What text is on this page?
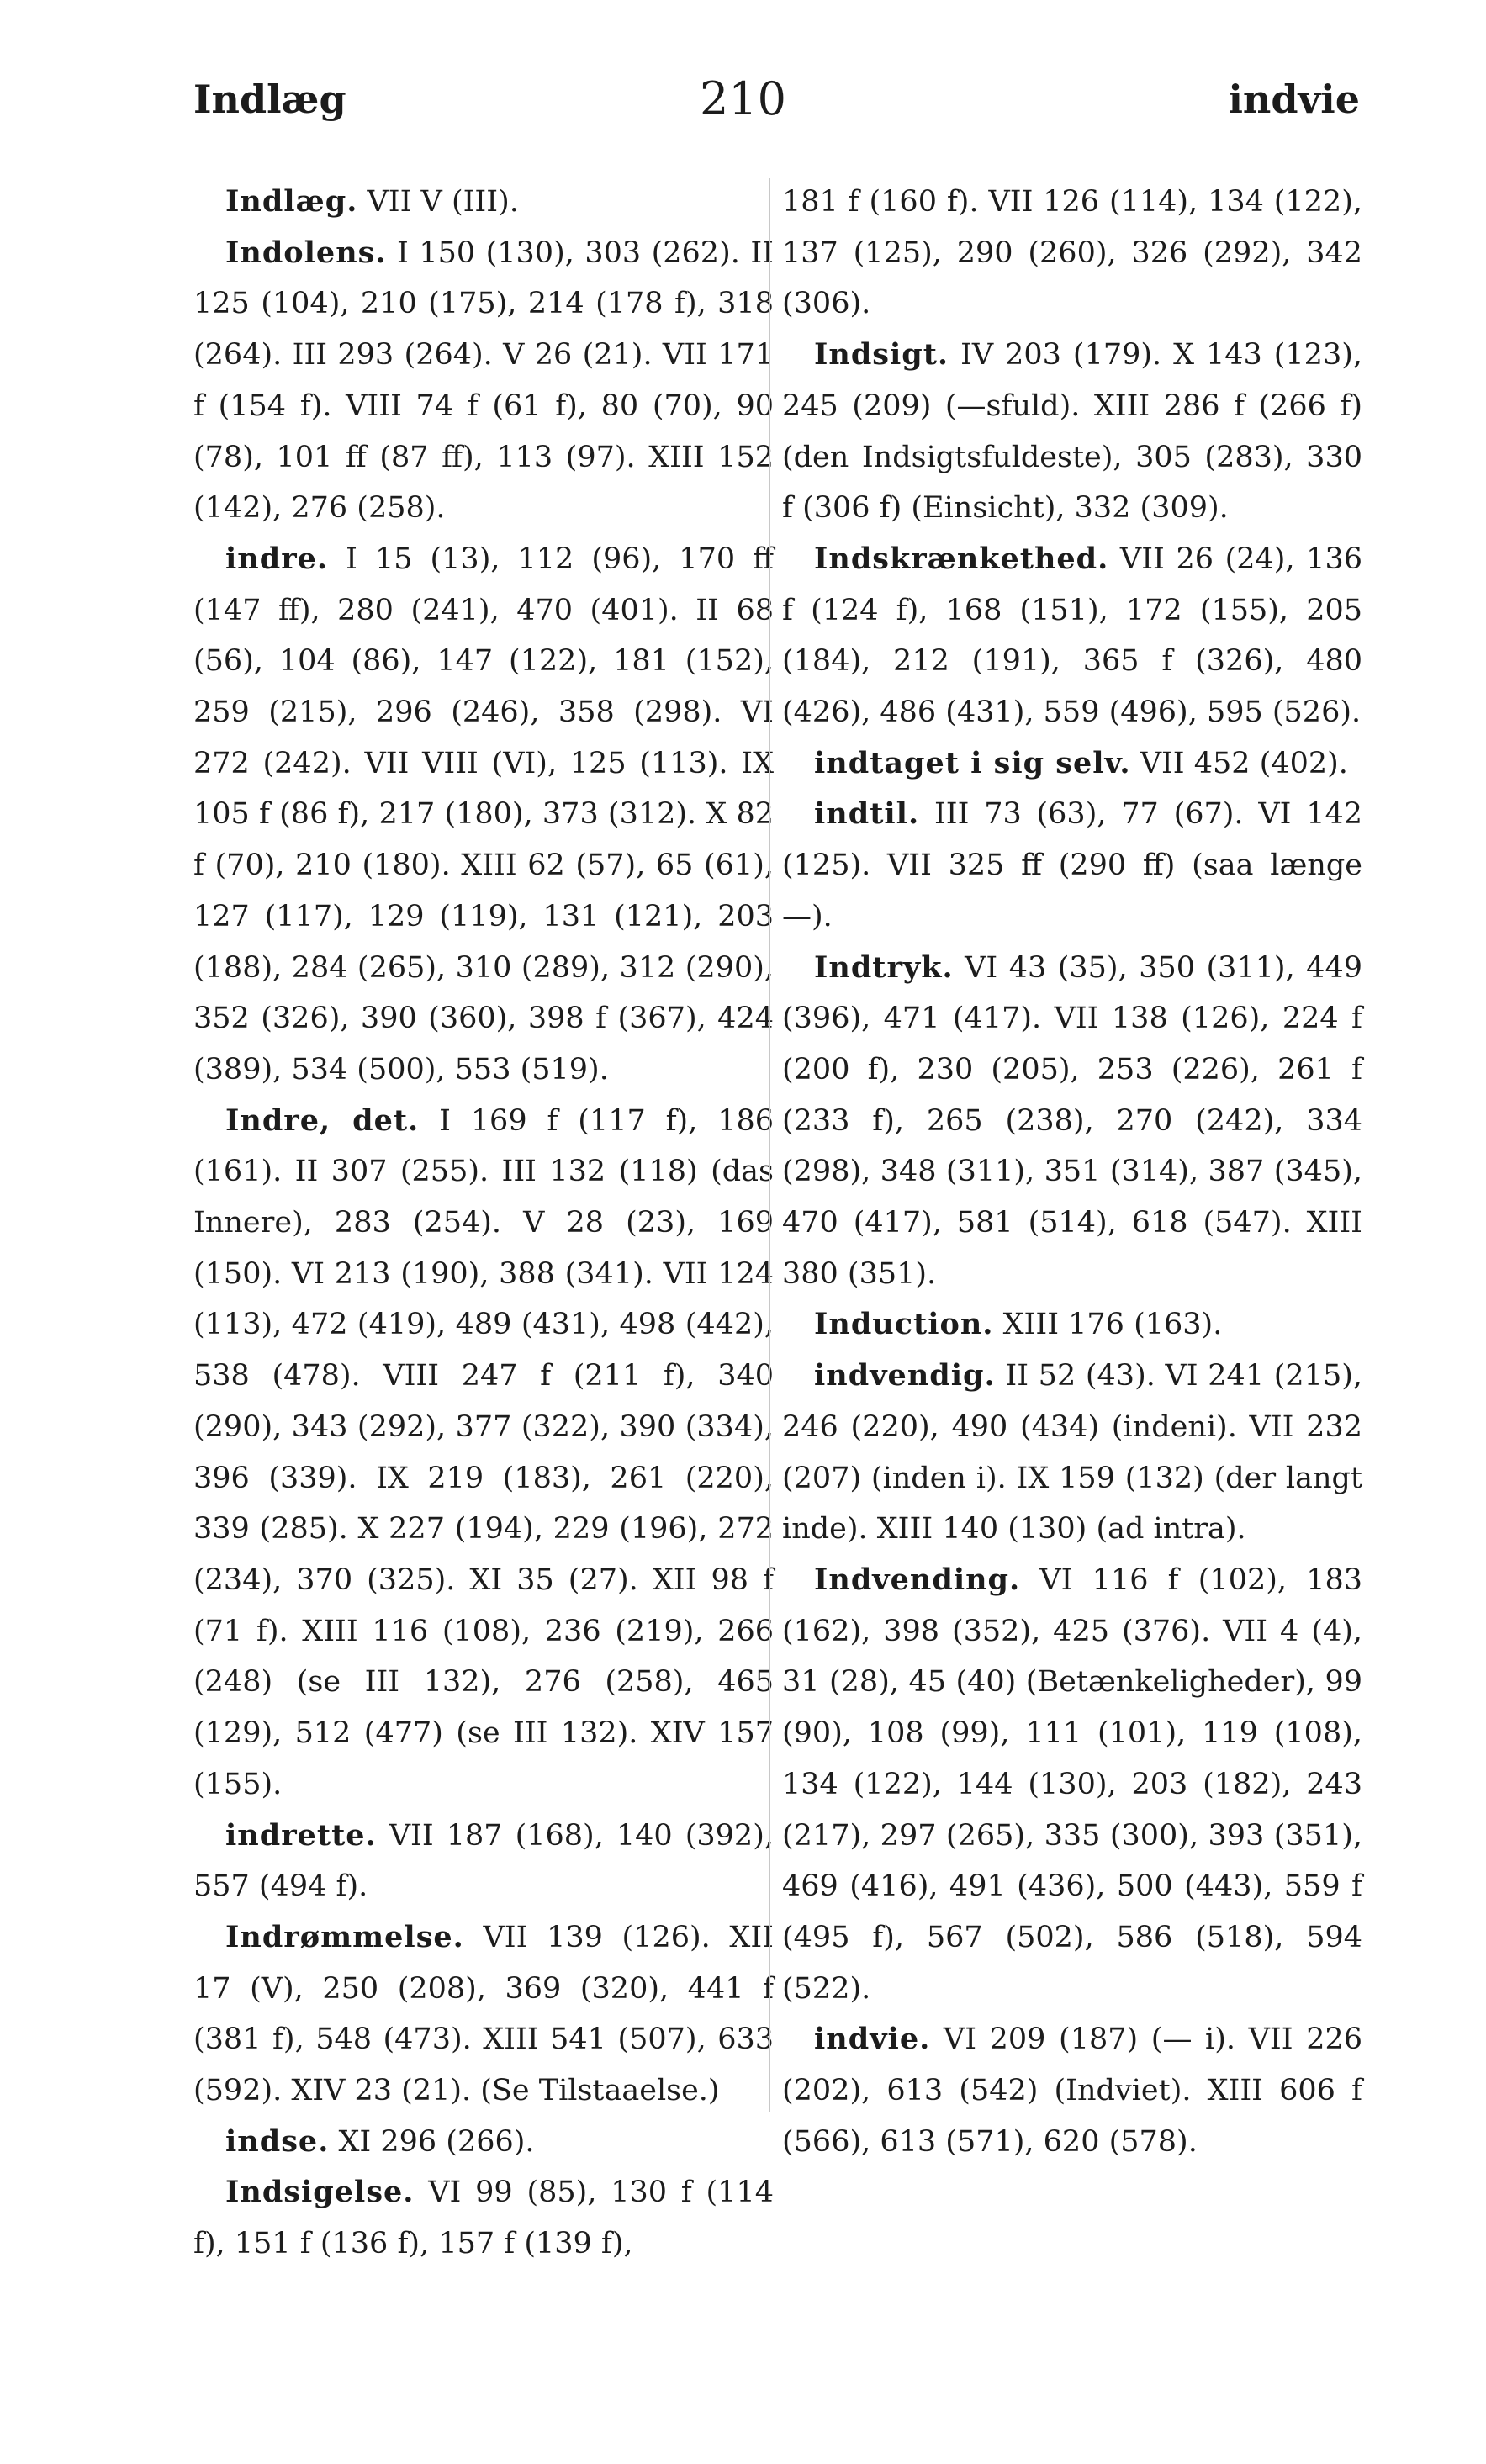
210
Indlæg	indvie

Indlæg. VII V (III).

Indolens. I 150 (130), 303 (262). II 125 (104), 210 (175), 214 (178 f), 318 (264). III 293 (264). V 26 (21). VII 171 f (154 f). VIII 74 f (61 f), 80 (70), 90 (78), 101 ff (87 ff), 113 (97). XIII 152 (142), 276 (258).

indre. I 15 (13), 112 (96), 170 ff (147 ff), 280 (241), 470 (401). II 68 (56), 104 (86), 147 (122), 181 (152), 259 (215), 296 (246), 358 (298). VI 272 (242). VII VIII (VI), 125 (113). IX 105 f (86 f), 217 (180), 373 (312). X 82 f (70), 210 (180). XIII 62 (57), 65 (61), 127 (117), 129 (119), 131 (121), 203 (188), 284 (265), 310 (289), 312 (290), 352 (326), 390 (360), 398 f (367), 424 (389), 534 (500), 553 (519).

Indre, det. I 169 f (117 f), 186 (161). II 307 (255). III 132 (118) (das Innere), 283 (254). V 28 (23), 169 (150). VI 213 (190), 388 (341). VII 124 (113), 472 (419), 489 (431), 498 (442), 538 (478). VIII 247 f (211 f), 340 (290), 343 (292), 377 (322), 390 (334), 396 (339). IX 219 (183), 261 (220), 339 (285). X 227 (194), 229 (196), 272 (234), 370 (325). XI 35 (27). XII 98 f (71 f). XIII 116 (108), 236 (219), 266 (248) (se III 132), 276 (258), 465 (129), 512 (477) (se III 132). XIV 157 (155).

indrette. VII 187 (168), 140 (392), 557 (494 f).

Indrømmelse. VII 139 (126). XII 17 (V), 250 (208), 369 (320), 441 f (381 f), 548 (473). XIII 541 (507), 633 (592). XIV 23 (21). (Se Tilstaaelse.)

indse. XI 296 (266).

Indsigelse. VI 99 (85), 130 f (114 f), 151 f (136 f), 157 f (139 f),

181 f (160 f). VII 126 (114), 134 (122), 137 (125), 290 (260), 326 (292), 342 (306).

Indsigt. IV 203 (179). X 143 (123), 245 (209) (—sfuld). XIII 286 f (266 f) (den Indsigtsfuldeste), 305 (283), 330 f (306 f) (Einsicht), 332 (309).

Indskrænkethed. VII 26 (24), 136 f (124 f), 168 (151), 172 (155), 205 (184), 212 (191), 365 f (326), 480 (426), 486 (431), 559 (496), 595 (526).

indtaget i sig selv. VII 452 (402).

indtil. III 73 (63), 77 (67). VI 142 (125). VII 325 ff (290 ff) (saa længe —).

Indtryk. VI 43 (35), 350 (311), 449 (396), 471 (417). VII 138 (126), 224 f (200 f), 230 (205), 253 (226), 261 f (233 f), 265 (238), 270 (242), 334 (298), 348 (311), 351 (314), 387 (345), 470 (417), 581 (514), 618 (547). XIII 380 (351).

Induction. XIII 176 (163).

indvendig. II 52 (43). VI 241 (215), 246 (220), 490 (434) (indeni). VII 232 (207) (inden i). IX 159 (132) (der langt inde). XIII 140 (130) (ad intra).

Indvending. VI 116 f (102), 183 (162), 398 (352), 425 (376). VII 4 (4), 31 (28), 45 (40) (Betænkeligheder), 99 (90), 108 (99), 111 (101), 119 (108), 134 (122), 144 (130), 203 (182), 243 (217), 297 (265), 335 (300), 393 (351), 469 (416), 491 (436), 500 (443), 559 f (495 f), 567 (502), 586 (518), 594 (522).

indvie. VI 209 (187) (— i). VII 226 (202), 613 (542) (Indviet). XIII 606 f (566), 613 (571), 620 (578).
